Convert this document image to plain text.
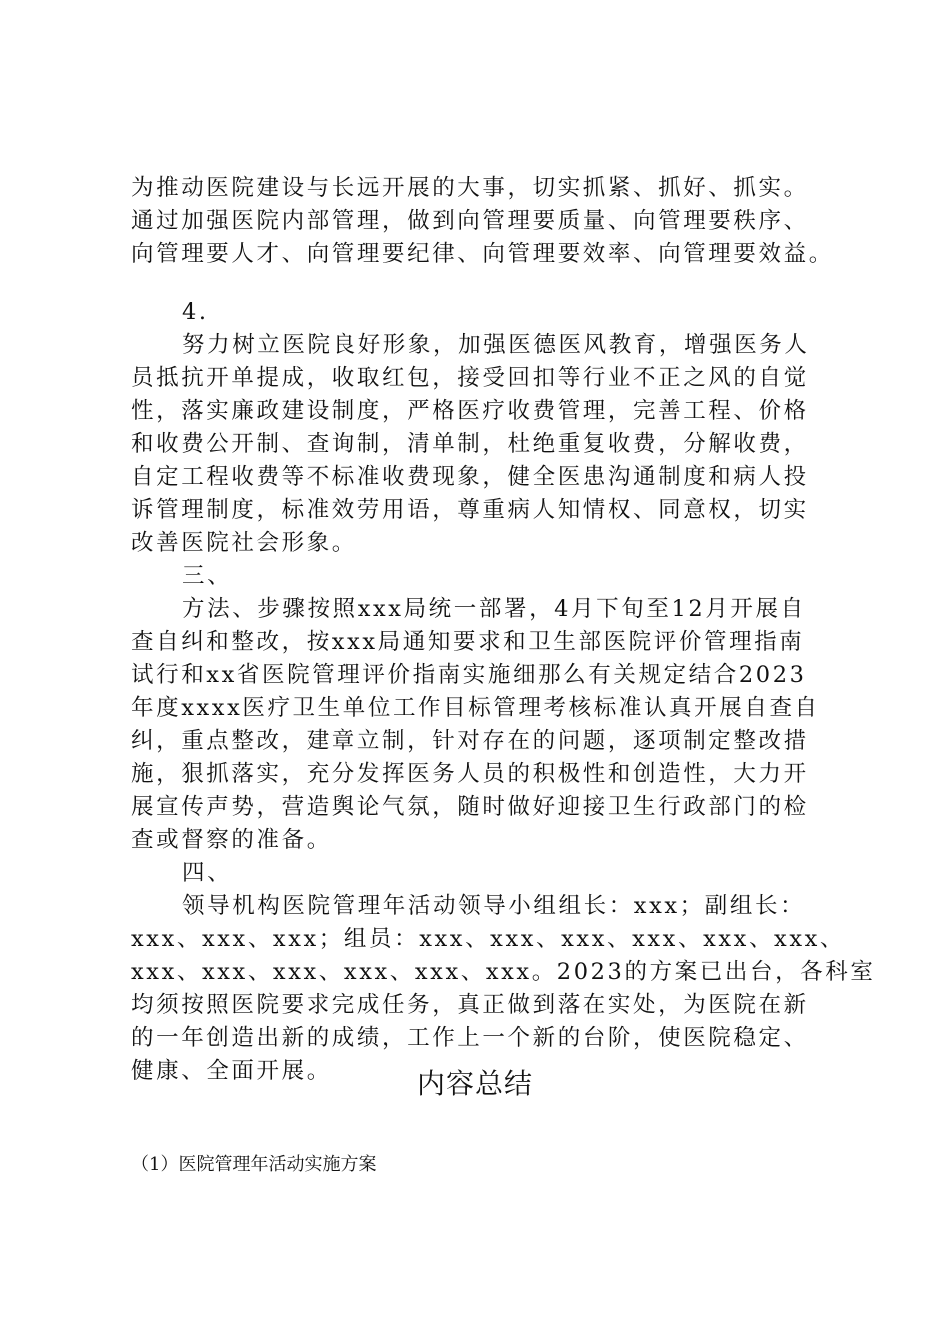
为推动医院建设与长远开展的大事，切实抓紧、抓好、抓实。
通过加强医院内部管理，做到向管理要质量、向管理要秩序、
向管理要人才、向管理要纪律、向管理要效率、向管理要效益。
4.
努力树立医院良好形象，加强医德医风教育，增强医务人
员抵抗开单提成，收取红包，接受回扣等行业不正之风的自觉
性，落实廉政建设制度，严格医疗收费管理，完善工程、价格
和收费公开制、查询制，清单制，杜绝重复收费，分解收费，
自定工程收费等不标准收费现象，健全医患沟通制度和病人投
诉管理制度，标准效劳用语，尊重病人知情权、同意权，切实
改善医院社会形象。
三、
方法、步骤按照xxx局统一部署，4月下旬至12月开展自
查自纠和整改，按xxx局通知要求和卫生部医院评价管理指南
试行和xx省医院管理评价指南实施细那么有关规定结合2023
年度xxxx医疗卫生单位工作目标管理考核标准认真开展自查自
纠，重点整改，建章立制，针对存在的问题，逐项制定整改措
施，狠抓落实，充分发挥医务人员的积极性和创造性，大力开
展宣传声势，营造舆论气氛，随时做好迎接卫生行政部门的检
查或督察的准备。
四、
领导机构医院管理年活动领导小组组长：xxx；副组长：
xxx、xxx、xxx；组员：xxx、xxx、xxx、xxx、xxx、xxx、
xxx、xxx、xxx、xxx、xxx、xxx。2023的方案已出台，各科室
均须按照医院要求完成任务，真正做到落在实处，为医院在新
的一年创造出新的成绩，工作上一个新的台阶，使医院稳定、
健康、全面开展。	内容总结
（1）医院管理年活动实施方案
